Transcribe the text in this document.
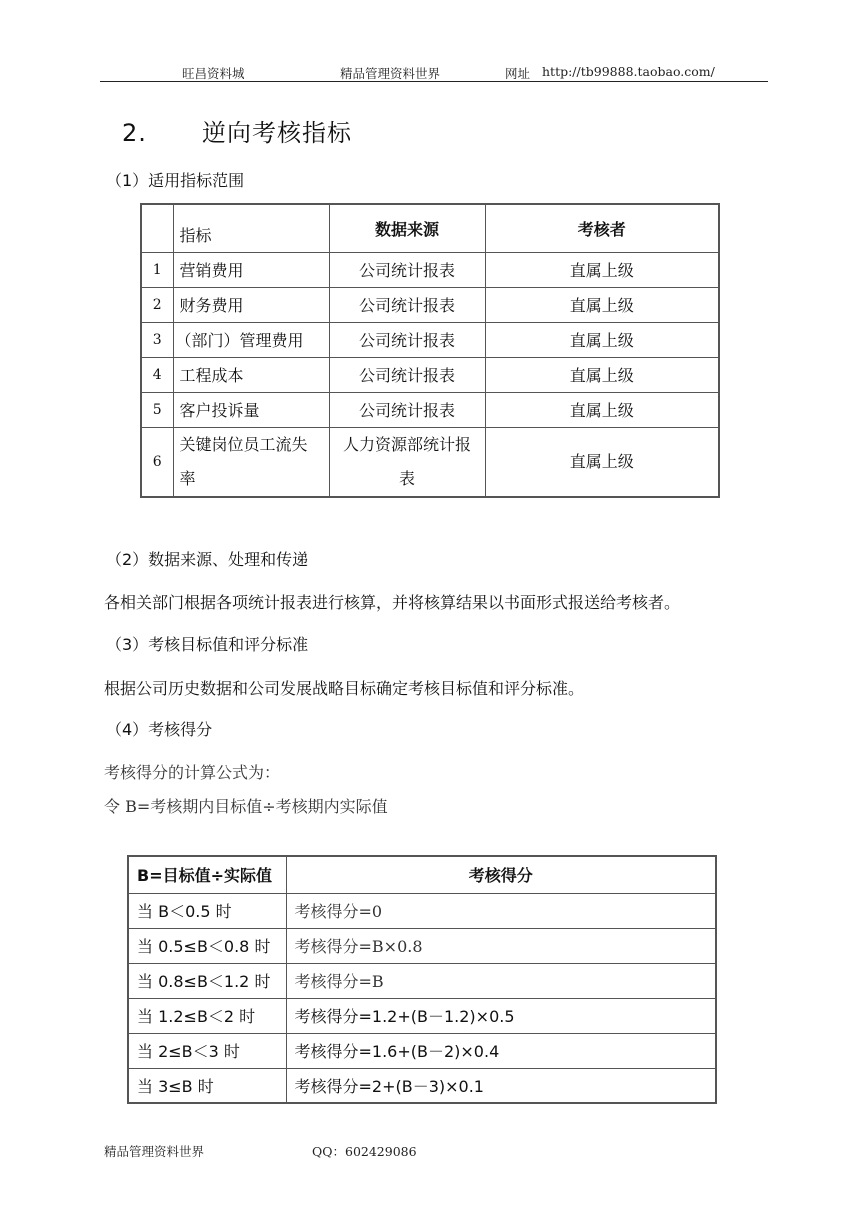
旺昌资料城	精品管理资料世界	网址 http://tb99888.taobao.com/
2. 逆向考核指标
（1）适用指标范围
	指标	数据来源	考核者
1	营销费用	公司统计报表	直属上级
2	财务费用	公司统计报表	直属上级
3	（部门）管理费用	公司统计报表	直属上级
4	工程成本	公司统计报表	直属上级
5	客户投诉量	公司统计报表	直属上级
6	关键岗位员工流失率	人力资源部统计报表	直属上级
（2）数据来源、处理和传递
各相关部门根据各项统计报表进行核算，并将核算结果以书面形式报送给考核者。
（3）考核目标值和评分标准
根据公司历史数据和公司发展战略目标确定考核目标值和评分标准。
（4）考核得分
考核得分的计算公式为：
令 B=考核期内目标值÷考核期内实际值
B=目标值÷实际值	考核得分
当 B＜0.5 时	考核得分=0
当 0.5≤B＜0.8 时	考核得分=B×0.8
当 0.8≤B＜1.2 时	考核得分=B
当 1.2≤B＜2 时	考核得分=1.2+(B－1.2)×0.5
当 2≤B＜3 时	考核得分=1.6+(B－2)×0.4
当 3≤B 时	考核得分=2+(B－3)×0.1
精品管理资料世界	QQ：602429086
